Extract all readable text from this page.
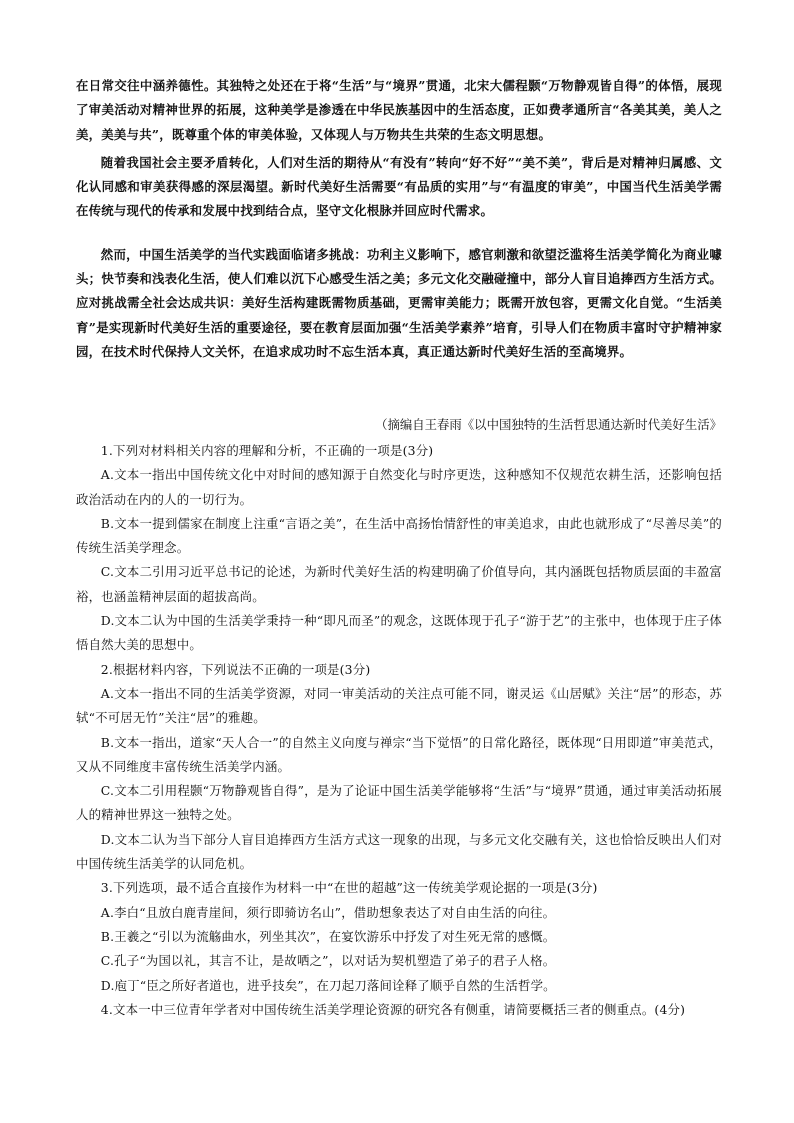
在日常交往中涵养德性。其独特之处还在于将“生活”与“境界”贯通，北宋大儒程颢“万物静观皆自得”的体悟，展现了审美活动对精神世界的拓展，这种美学是渗透在中华民族基因中的生活态度，正如费孝通所言“各美其美，美人之美，美美与共”，既尊重个体的审美体验，又体现人与万物共生共荣的生态文明思想。

随着我国社会主要矛盾转化，人们对生活的期待从“有没有”转向“好不好”“美不美”，背后是对精神归属感、文化认同感和审美获得感的深层渴望。新时代美好生活需要“有品质的实用”与“有温度的审美”，中国当代生活美学需在传统与现代的传承和发展中找到结合点，坚守文化根脉并回应时代需求。

然而，中国生活美学的当代实践面临诸多挑战：功利主义影响下，感官刺激和欲望泛滥将生活美学简化为商业噱头；快节奏和浅表化生活，使人们难以沉下心感受生活之美；多元文化交融碰撞中，部分人盲目追捧西方生活方式。应对挑战需全社会达成共识：美好生活构建既需物质基础，更需审美能力；既需开放包容，更需文化自觉。“生活美育”是实现新时代美好生活的重要途径，要在教育层面加强“生活美学素养”培育，引导人们在物质丰富时守护精神家园，在技术时代保持人文关怀，在追求成功时不忘生活本真，真正通达新时代美好生活的至高境界。

（摘编自王春雨《以中国独特的生活哲思通达新时代美好生活》

1.下列对材料相关内容的理解和分析，不正确的一项是(3分)

A.文本一指出中国传统文化中对时间的感知源于自然变化与时序更迭，这种感知不仅规范农耕生活，还影响包括政治活动在内的人的一切行为。

B.文本一提到儒家在制度上注重“言语之美”，在生活中高扬怡情舒性的审美追求，由此也就形成了“尽善尽美”的传统生活美学理念。

C.文本二引用习近平总书记的论述，为新时代美好生活的构建明确了价值导向，其内涵既包括物质层面的丰盈富裕，也涵盖精神层面的超拔高尚。

D.文本二认为中国的生活美学秉持一种“即凡而圣”的观念，这既体现于孔子“游于艺”的主张中，也体现于庄子体悟自然大美的思想中。

2.根据材料内容，下列说法不正确的一项是(3分)

A.文本一指出不同的生活美学资源，对同一审美活动的关注点可能不同，谢灵运《山居赋》关注“居”的形态，苏轼“不可居无竹”关注“居”的雅趣。

B.文本一指出，道家“天人合一”的自然主义向度与禅宗“当下觉悟”的日常化路径，既体现“日用即道”审美范式，又从不同维度丰富传统生活美学内涵。

C.文本二引用程颢“万物静观皆自得”，是为了论证中国生活美学能够将“生活”与“境界”贯通，通过审美活动拓展人的精神世界这一独特之处。

D.文本二认为当下部分人盲目追捧西方生活方式这一现象的出现，与多元文化交融有关，这也恰恰反映出人们对中国传统生活美学的认同危机。

3.下列选项，最不适合直接作为材料一中“在世的超越”这一传统美学观论据的一项是(3分)

A.李白“且放白鹿青崖间，须行即骑访名山”，借助想象表达了对自由生活的向往。

B.王羲之“引以为流觞曲水，列坐其次”，在宴饮游乐中抒发了对生死无常的感慨。

C.孔子“为国以礼，其言不让，是故哂之”，以对话为契机塑造了弟子的君子人格。

D.庖丁“臣之所好者道也，进乎技矣”，在刀起刀落间诠释了顺乎自然的生活哲学。

4.文本一中三位青年学者对中国传统生活美学理论资源的研究各有侧重，请简要概括三者的侧重点。(4分)
